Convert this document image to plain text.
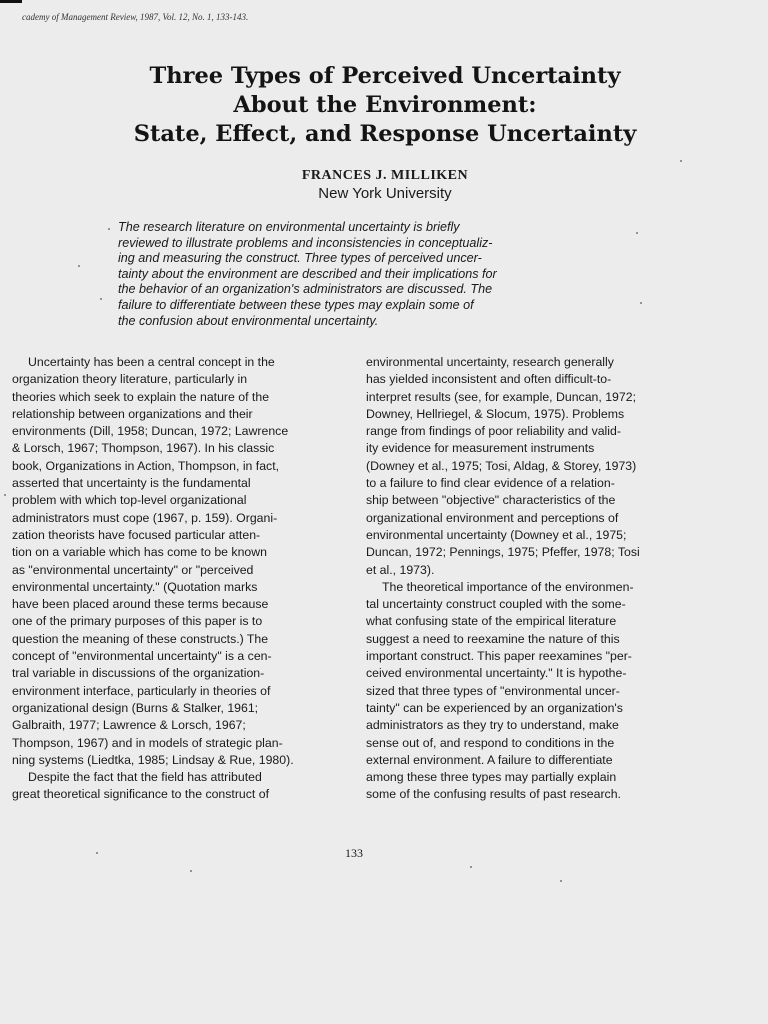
cademy of Management Review, 1987, Vol. 12, No. 1, 133-143.
Three Types of Perceived Uncertainty
About the Environment:
State, Effect, and Response Uncertainty
FRANCES J. MILLIKEN
New York University
The research literature on environmental uncertainty is briefly
reviewed to illustrate problems and inconsistencies in conceptualiz-
ing and measuring the construct. Three types of perceived uncer-
tainty about the environment are described and their implications for
the behavior of an organization's administrators are discussed. The
failure to differentiate between these types may explain some of
the confusion about environmental uncertainty.
Uncertainty has been a central concept in the
organization theory literature, particularly in
theories which seek to explain the nature of the
relationship between organizations and their
environments (Dill, 1958; Duncan, 1972; Lawrence
& Lorsch, 1967; Thompson, 1967). In his classic
book, Organizations in Action, Thompson, in fact,
asserted that uncertainty is the fundamental
problem with which top-level organizational
administrators must cope (1967, p. 159). Organi-
zation theorists have focused particular atten-
tion on a variable which has come to be known
as "environmental uncertainty" or "perceived
environmental uncertainty." (Quotation marks
have been placed around these terms because
one of the primary purposes of this paper is to
question the meaning of these constructs.) The
concept of "environmental uncertainty" is a cen-
tral variable in discussions of the organization-
environment interface, particularly in theories of
organizational design (Burns & Stalker, 1961;
Galbraith, 1977; Lawrence & Lorsch, 1967;
Thompson, 1967) and in models of strategic plan-
ning systems (Liedtka, 1985; Lindsay & Rue, 1980).
Despite the fact that the field has attributed
great theoretical significance to the construct of
environmental uncertainty, research generally
has yielded inconsistent and often difficult-to-
interpret results (see, for example, Duncan, 1972;
Downey, Hellriegel, & Slocum, 1975). Problems
range from findings of poor reliability and valid-
ity evidence for measurement instruments
(Downey et al., 1975; Tosi, Aldag, & Storey, 1973)
to a failure to find clear evidence of a relation-
ship between "objective" characteristics of the
organizational environment and perceptions of
environmental uncertainty (Downey et al., 1975;
Duncan, 1972; Pennings, 1975; Pfeffer, 1978; Tosi
et al., 1973).
The theoretical importance of the environmen-
tal uncertainty construct coupled with the some-
what confusing state of the empirical literature
suggest a need to reexamine the nature of this
important construct. This paper reexamines "per-
ceived environmental uncertainty." It is hypothe-
sized that three types of "environmental uncer-
tainty" can be experienced by an organization's
administrators as they try to understand, make
sense out of, and respond to conditions in the
external environment. A failure to differentiate
among these three types may partially explain
some of the confusing results of past research.
133
